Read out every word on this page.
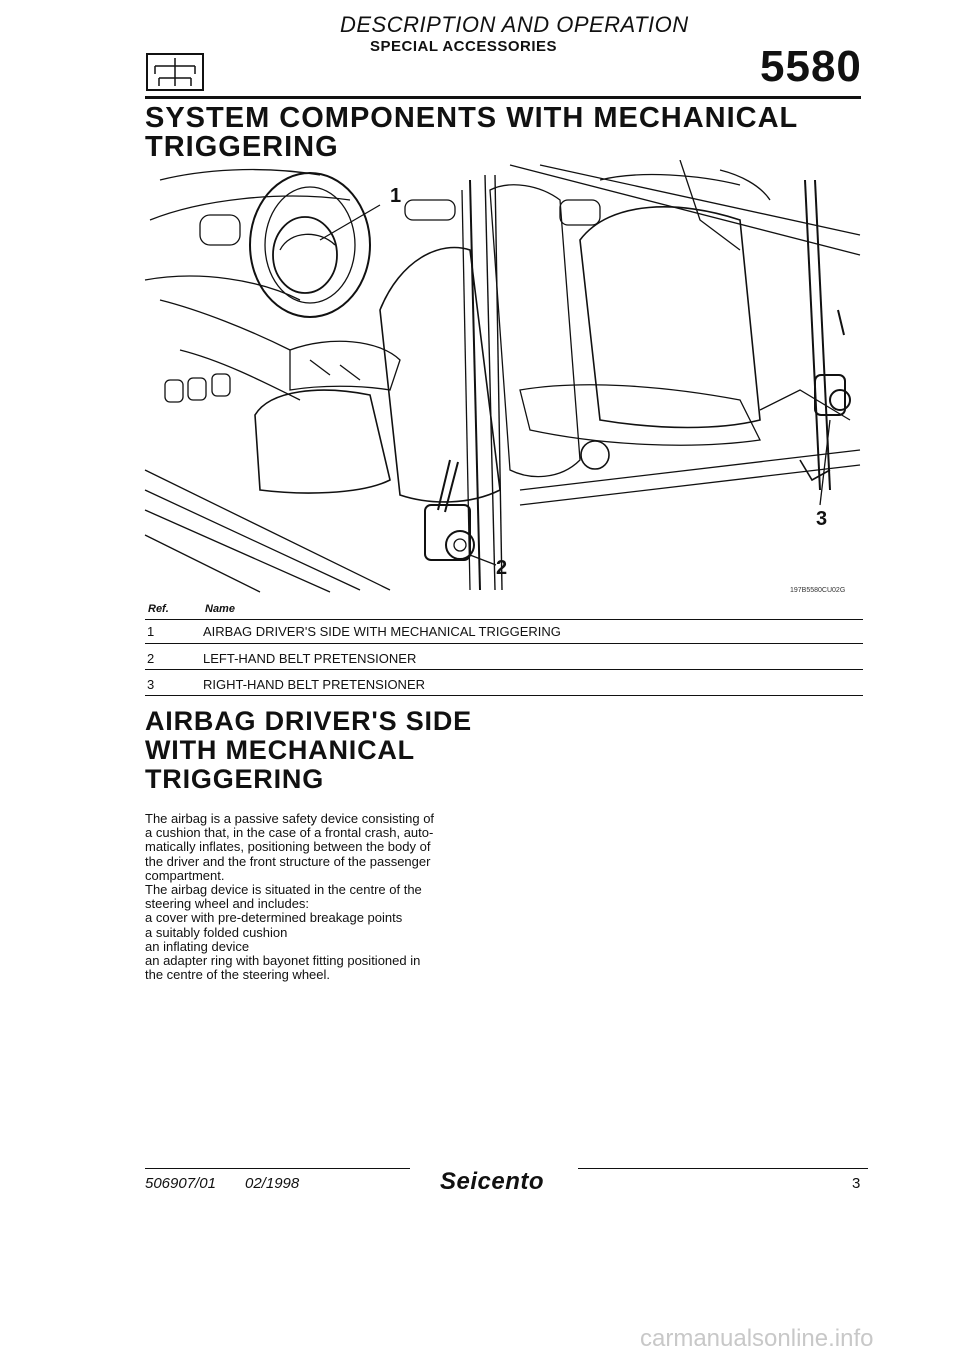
DESCRIPTION AND OPERATION
SPECIAL ACCESSORIES	5580
SYSTEM COMPONENTS WITH MECHANICAL
TRIGGERING
1
2
3
197B5580CU02G
Ref.	Name
1	AIRBAG DRIVER'S SIDE WITH MECHANICAL TRIGGERING
2	LEFT-HAND BELT PRETENSIONER
3	RIGHT-HAND BELT PRETENSIONER
AIRBAG DRIVER'S SIDE
WITH MECHANICAL
TRIGGERING
The airbag is a passive safety device consisting of
a cushion that, in the case of a frontal crash, auto-
matically inflates, positioning between the body of
the driver and the front structure of the passenger
compartment.
The airbag device is situated in the centre of the
steering wheel and includes:
a cover with pre-determined breakage points
a suitably folded cushion
an inflating device
an adapter ring with bayonet fitting positioned in
the centre of the steering wheel.
506907/01 02/1998	Seicento	3
carmanualsonline.info
